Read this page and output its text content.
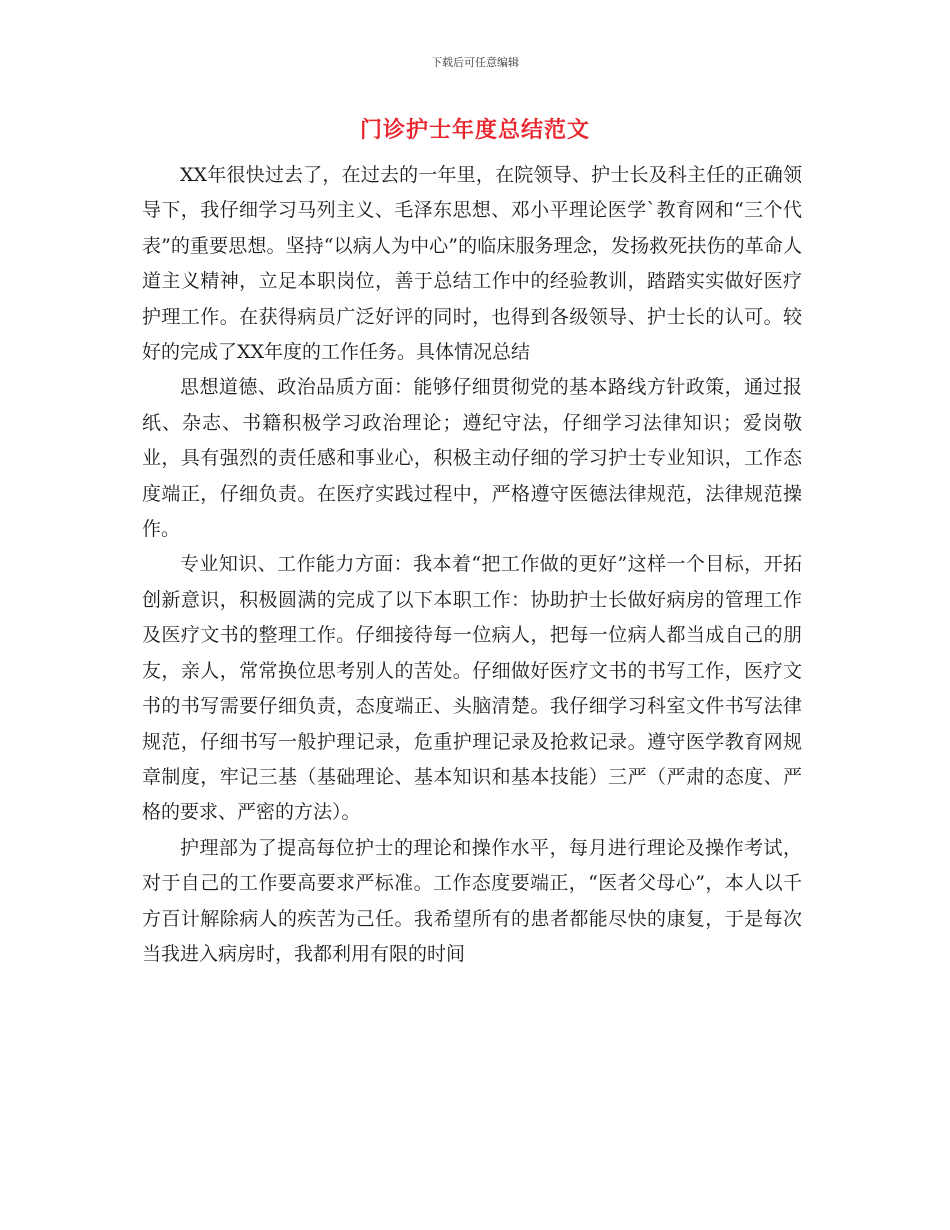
下载后可任意编辑
门诊护士年度总结范文

XX年很快过去了，在过去的一年里，在院领导、护士长及科主任的正确领导下，我仔细学习马列主义、毛泽东思想、邓小平理论医学`教育网和“三个代表”的重要思想。坚持“以病人为中心”的临床服务理念，发扬救死扶伤的革命人道主义精神，立足本职岗位，善于总结工作中的经验教训，踏踏实实做好医疗护理工作。在获得病员广泛好评的同时，也得到各级领导、护士长的认可。较好的完成了XX年度的工作任务。具体情况总结

思想道德、政治品质方面：能够仔细贯彻党的基本路线方针政策，通过报纸、杂志、书籍积极学习政治理论；遵纪守法，仔细学习法律知识；爱岗敬业，具有强烈的责任感和事业心，积极主动仔细的学习护士专业知识，工作态度端正，仔细负责。在医疗实践过程中，严格遵守医德法律规范，法律规范操作。

专业知识、工作能力方面：我本着“把工作做的更好”这样一个目标，开拓创新意识，积极圆满的完成了以下本职工作：协助护士长做好病房的管理工作及医疗文书的整理工作。仔细接待每一位病人，把每一位病人都当成自己的朋友，亲人，常常换位思考别人的苦处。仔细做好医疗文书的书写工作，医疗文书的书写需要仔细负责，态度端正、头脑清楚。我仔细学习科室文件书写法律规范，仔细书写一般护理记录，危重护理记录及抢救记录。遵守医学教育网规章制度，牢记三基（基础理论、基本知识和基本技能）三严（严肃的态度、严格的要求、严密的方法）。

护理部为了提高每位护士的理论和操作水平，每月进行理论及操作考试，对于自己的工作要高要求严标准。工作态度要端正，“医者父母心”，本人以千方百计解除病人的疾苦为己任。我希望所有的患者都能尽快的康复，于是每次当我进入病房时，我都利用有限的时间
